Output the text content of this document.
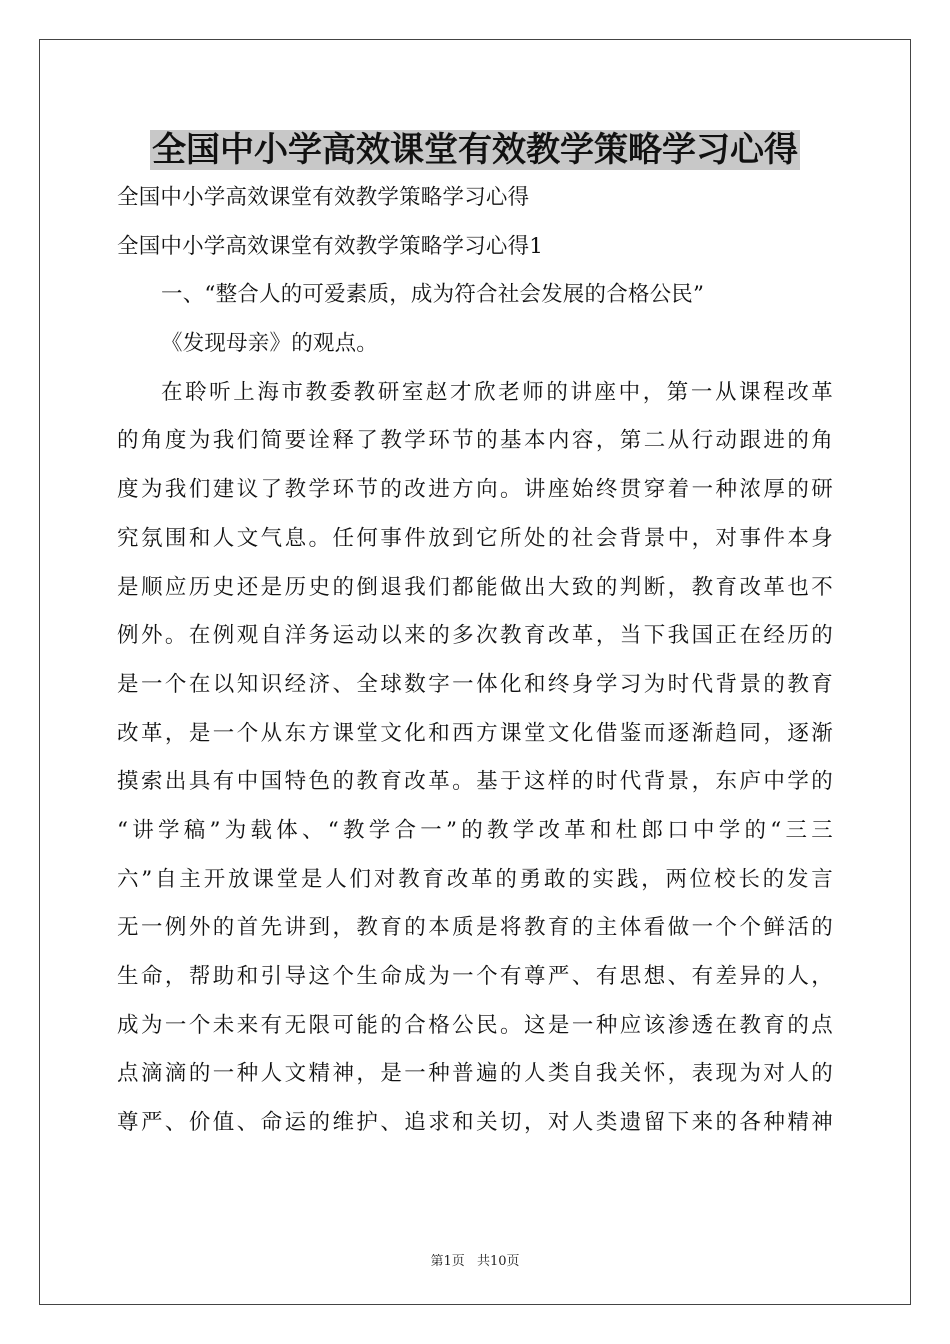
全国中小学高效课堂有效教学策略学习心得
全国中小学高效课堂有效教学策略学习心得
全国中小学高效课堂有效教学策略学习心得1
一、“整合人的可爱素质，成为符合社会发展的合格公民”
《发现母亲》的观点。
在聆听上海市教委教研室赵才欣老师的讲座中，第一从课程改革
的角度为我们简要诠释了教学环节的基本内容，第二从行动跟进的角
度为我们建议了教学环节的改进方向。讲座始终贯穿着一种浓厚的研
究氛围和人文气息。任何事件放到它所处的社会背景中，对事件本身
是顺应历史还是历史的倒退我们都能做出大致的判断，教育改革也不
例外。在例观自洋务运动以来的多次教育改革，当下我国正在经历的
是一个在以知识经济、全球数字一体化和终身学习为时代背景的教育
改革，是一个从东方课堂文化和西方课堂文化借鉴而逐渐趋同，逐渐
摸索出具有中国特色的教育改革。基于这样的时代背景，东庐中学的
“讲学稿”为载体、“教学合一”的教学改革和杜郎口中学的“三三
六”自主开放课堂是人们对教育改革的勇敢的实践，两位校长的发言
无一例外的首先讲到，教育的本质是将教育的主体看做一个个鲜活的
生命，帮助和引导这个生命成为一个有尊严、有思想、有差异的人，
成为一个未来有无限可能的合格公民。这是一种应该渗透在教育的点
点滴滴的一种人文精神，是一种普遍的人类自我关怀，表现为对人的
尊严、价值、命运的维护、追求和关切，对人类遗留下来的各种精神
第1页 共10页
